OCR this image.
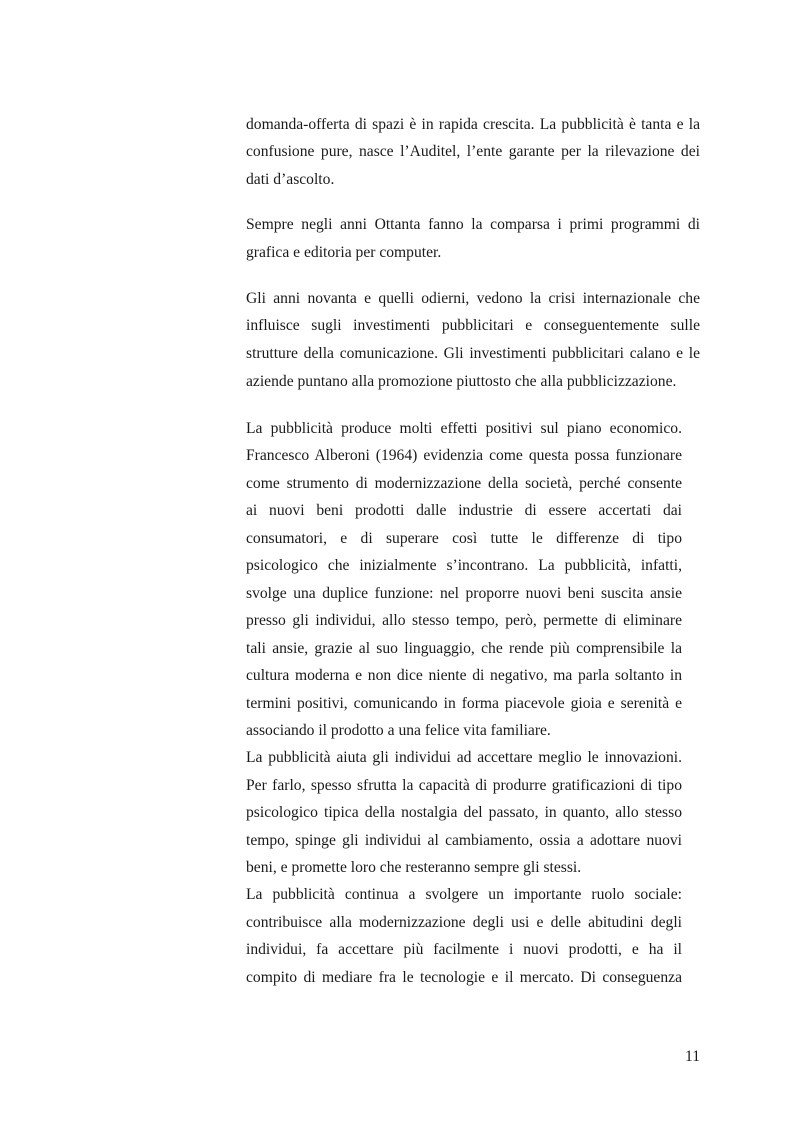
domanda-offerta di spazi è in rapida crescita. La pubblicità è tanta e la

confusione pure, nasce l’Auditel, l’ente garante per la rilevazione dei

dati d’ascolto.

Sempre negli anni Ottanta fanno la comparsa i primi programmi di

grafica e editoria per computer.

Gli anni novanta e quelli odierni, vedono la crisi internazionale che

influisce sugli investimenti pubblicitari e conseguentemente sulle

strutture della comunicazione. Gli investimenti pubblicitari calano e le

aziende puntano alla promozione piuttosto che alla pubblicizzazione.

La pubblicità produce molti effetti positivi sul piano economico.

Francesco Alberoni (1964) evidenzia come questa possa funzionare

come strumento di modernizzazione della società, perché consente

ai nuovi beni prodotti dalle industrie di essere accertati dai

consumatori, e di superare così tutte le differenze di tipo

psicologico che inizialmente s’incontrano. La pubblicità, infatti,

svolge una duplice funzione: nel proporre nuovi beni suscita ansie

presso gli individui, allo stesso tempo, però, permette di eliminare

tali ansie, grazie al suo linguaggio, che rende più comprensibile la

cultura moderna e non dice niente di negativo, ma parla soltanto in

termini positivi, comunicando in forma piacevole gioia e serenità e

associando il prodotto a una felice vita familiare.

La pubblicità aiuta gli individui ad accettare meglio le innovazioni.

Per farlo, spesso sfrutta la capacità di produrre gratificazioni di tipo

psicologico tipica della nostalgia del passato, in quanto, allo stesso

tempo, spinge gli individui al cambiamento, ossia a adottare nuovi

beni, e promette loro che resteranno sempre gli stessi.

La pubblicità continua a svolgere un importante ruolo sociale:

contribuisce alla modernizzazione degli usi e delle abitudini degli

individui, fa accettare più facilmente i nuovi prodotti, e ha il

compito di mediare fra le tecnologie e il mercato. Di conseguenza

11
